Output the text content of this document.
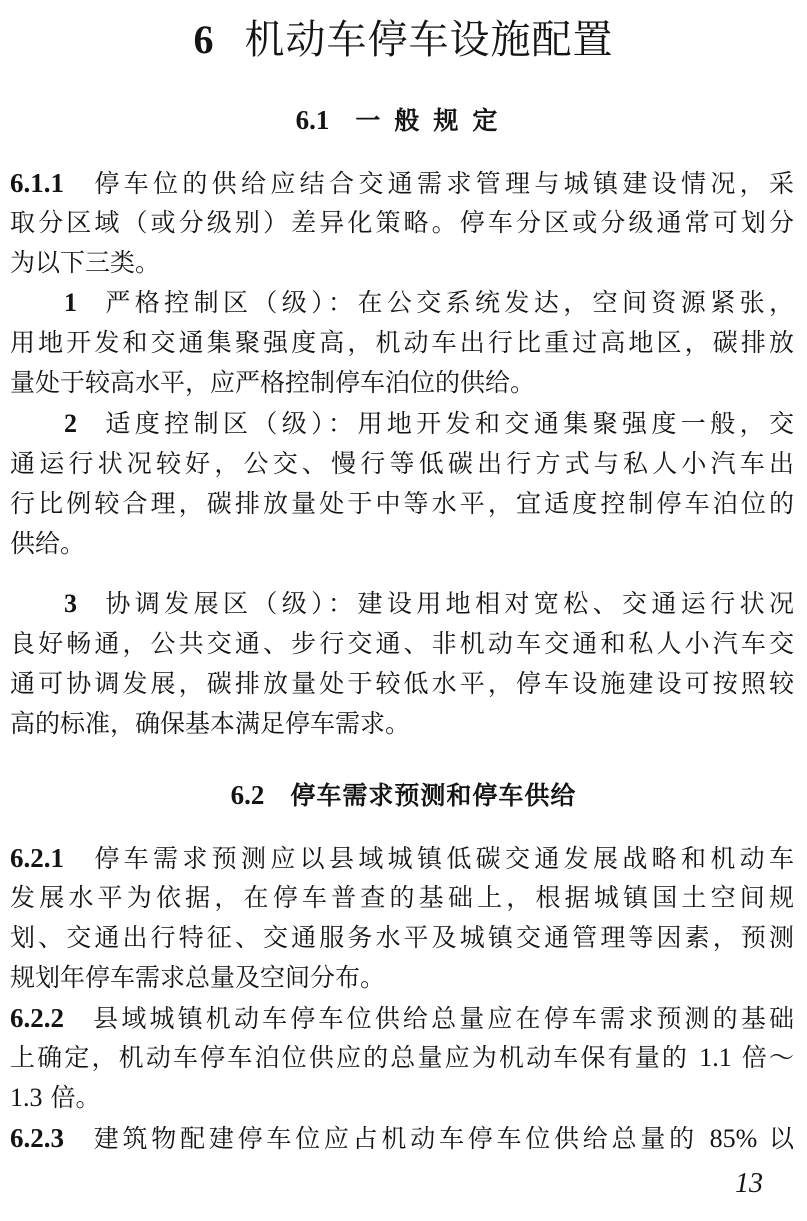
6 机动车停车设施配置
6.1 一般规定
6.1.1 停车位的供给应结合交通需求管理与城镇建设情况，采
取分区域（或分级别）差异化策略。停车分区或分级通常可划分
为以下三类。
1 严格控制区（级）：在公交系统发达，空间资源紧张，
用地开发和交通集聚强度高，机动车出行比重过高地区，碳排放
量处于较高水平，应严格控制停车泊位的供给。
2 适度控制区（级）：用地开发和交通集聚强度一般，交
通运行状况较好，公交、慢行等低碳出行方式与私人小汽车出
行比例较合理，碳排放量处于中等水平，宜适度控制停车泊位的
供给。
3 协调发展区（级）：建设用地相对宽松、交通运行状况
良好畅通，公共交通、步行交通、非机动车交通和私人小汽车交
通可协调发展，碳排放量处于较低水平，停车设施建设可按照较
高的标准，确保基本满足停车需求。
6.2 停车需求预测和停车供给
6.2.1 停车需求预测应以县域城镇低碳交通发展战略和机动车
发展水平为依据，在停车普查的基础上，根据城镇国土空间规
划、交通出行特征、交通服务水平及城镇交通管理等因素，预测
规划年停车需求总量及空间分布。
6.2.2 县域城镇机动车停车位供给总量应在停车需求预测的基础
上确定，机动车停车泊位供应的总量应为机动车保有量的 1.1 倍～
1.3 倍。
6.2.3 建筑物配建停车位应占机动车停车位供给总量的 85% 以
13
